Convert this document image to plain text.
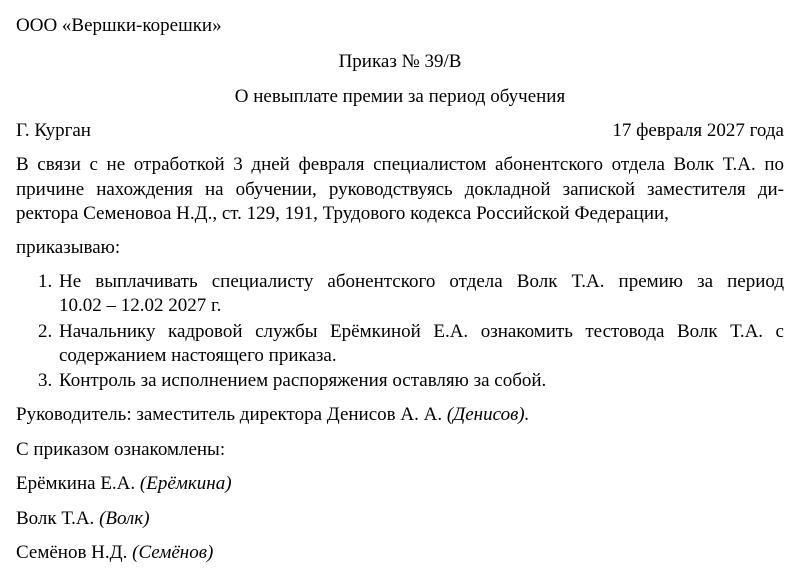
ООО «Вершки-корешки»
Приказ № 39/В
О невыплате премии за период обучения
Г. Курган	17 февраля 2027 года
В связи с не отработкой 3 дней февраля специалистом абонентского отдела Волк Т.А. по
причине нахождения на обучении, руководствуясь докладной запиской заместителя ди-
ректора Семеновоа Н.Д., ст. 129, 191, Трудового кодекса Российской Федерации,
приказываю:
1. Не выплачивать специалисту абонентского отдела Волк Т.А. премию за период
10.02 – 12.02 2027 г.
2. Начальнику кадровой службы Ерёмкиной Е.А. ознакомить тестовода Волк Т.А. с
содержанием настоящего приказа.
3. Контроль за исполнением распоряжения оставляю за собой.
Руководитель: заместитель директора Денисов А. А. (Денисов).
С приказом ознакомлены:
Ерёмкина Е.А. (Ерёмкина)
Волк Т.А. (Волк)
Семёнов Н.Д. (Семёнов)
